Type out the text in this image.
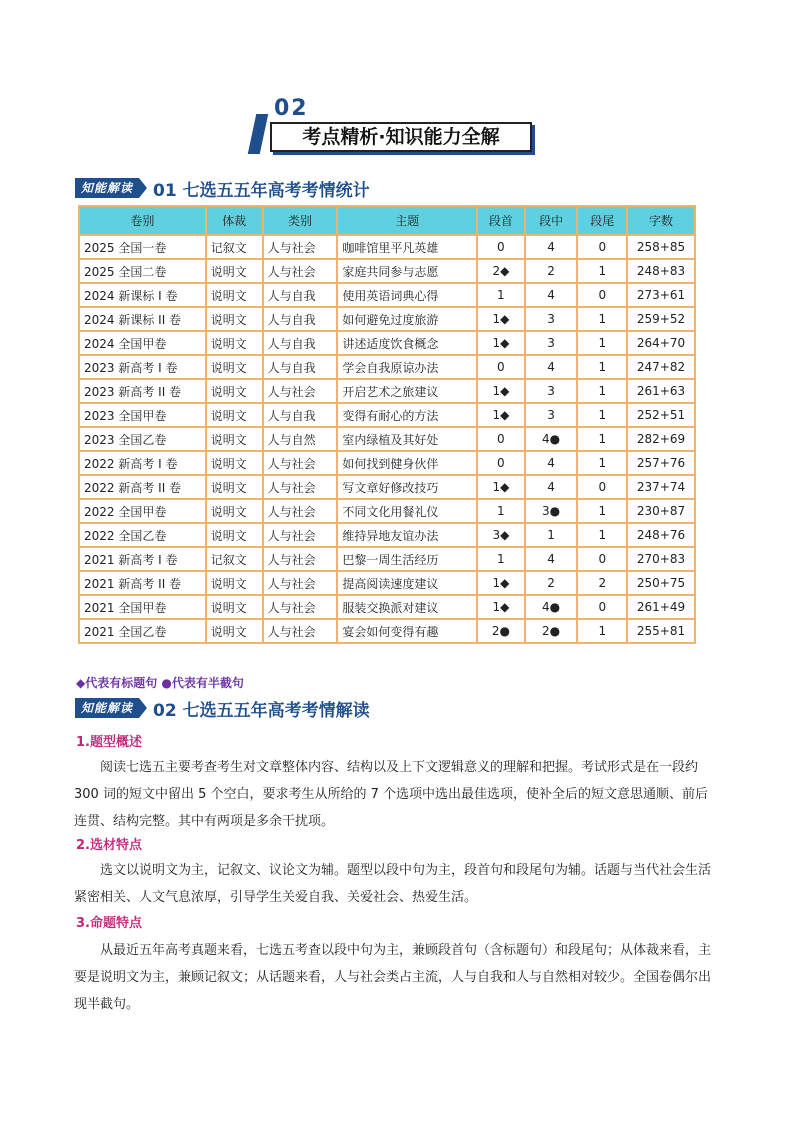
02
考点精析·知识能力全解
知能解读	01 七选五五年高考考情统计
卷别	体裁	类别	主题	段首	段中	段尾	字数
2025 全国一卷	记叙文	人与社会	咖啡馆里平凡英雄	0	4	0	258+85
2025 全国二卷	说明文	人与社会	家庭共同参与志愿	2◆	2	1	248+83
2024 新课标 I 卷	说明文	人与自我	使用英语词典心得	1	4	0	273+61
2024 新课标 II 卷	说明文	人与自我	如何避免过度旅游	1◆	3	1	259+52
2024 全国甲卷	说明文	人与自我	讲述适度饮食概念	1◆	3	1	264+70
2023 新高考 I 卷	说明文	人与自我	学会自我原谅办法	0	4	1	247+82
2023 新高考 II 卷	说明文	人与社会	开启艺术之旅建议	1◆	3	1	261+63
2023 全国甲卷	说明文	人与自我	变得有耐心的方法	1◆	3	1	252+51
2023 全国乙卷	说明文	人与自然	室内绿植及其好处	0	4●	1	282+69
2022 新高考 I 卷	说明文	人与社会	如何找到健身伙伴	0	4	1	257+76
2022 新高考 II 卷	说明文	人与社会	写文章好修改技巧	1◆	4	0	237+74
2022 全国甲卷	说明文	人与社会	不同文化用餐礼仪	1	3●	1	230+87
2022 全国乙卷	说明文	人与社会	维持异地友谊办法	3◆	1	1	248+76
2021 新高考 I 卷	记叙文	人与社会	巴黎一周生活经历	1	4	0	270+83
2021 新高考 II 卷	说明文	人与社会	提高阅读速度建议	1◆	2	2	250+75
2021 全国甲卷	说明文	人与社会	服装交换派对建议	1◆	4●	0	261+49
2021 全国乙卷	说明文	人与社会	宴会如何变得有趣	2●	2●	1	255+81
◆代表有标题句 ●代表有半截句
知能解读	02 七选五五年高考考情解读
1.题型概述

阅读七选五主要考查考生对文章整体内容、结构以及上下文逻辑意义的理解和把握。考试形式是在一段约 300 词的短文中留出 5 个空白，要求考生从所给的 7 个选项中选出最佳选项，使补全后的短文意思通顺、前后连贯、结构完整。其中有两项是多余干扰项。

2.选材特点

选文以说明文为主，记叙文、议论文为辅。题型以段中句为主，段首句和段尾句为辅。话题与当代社会生活紧密相关、人文气息浓厚，引导学生关爱自我、关爱社会、热爱生活。

3.命题特点

从最近五年高考真题来看，七选五考查以段中句为主，兼顾段首句（含标题句）和段尾句；从体裁来看，主要是说明文为主，兼顾记叙文；从话题来看，人与社会类占主流，人与自我和人与自然相对较少。全国卷偶尔出现半截句。
